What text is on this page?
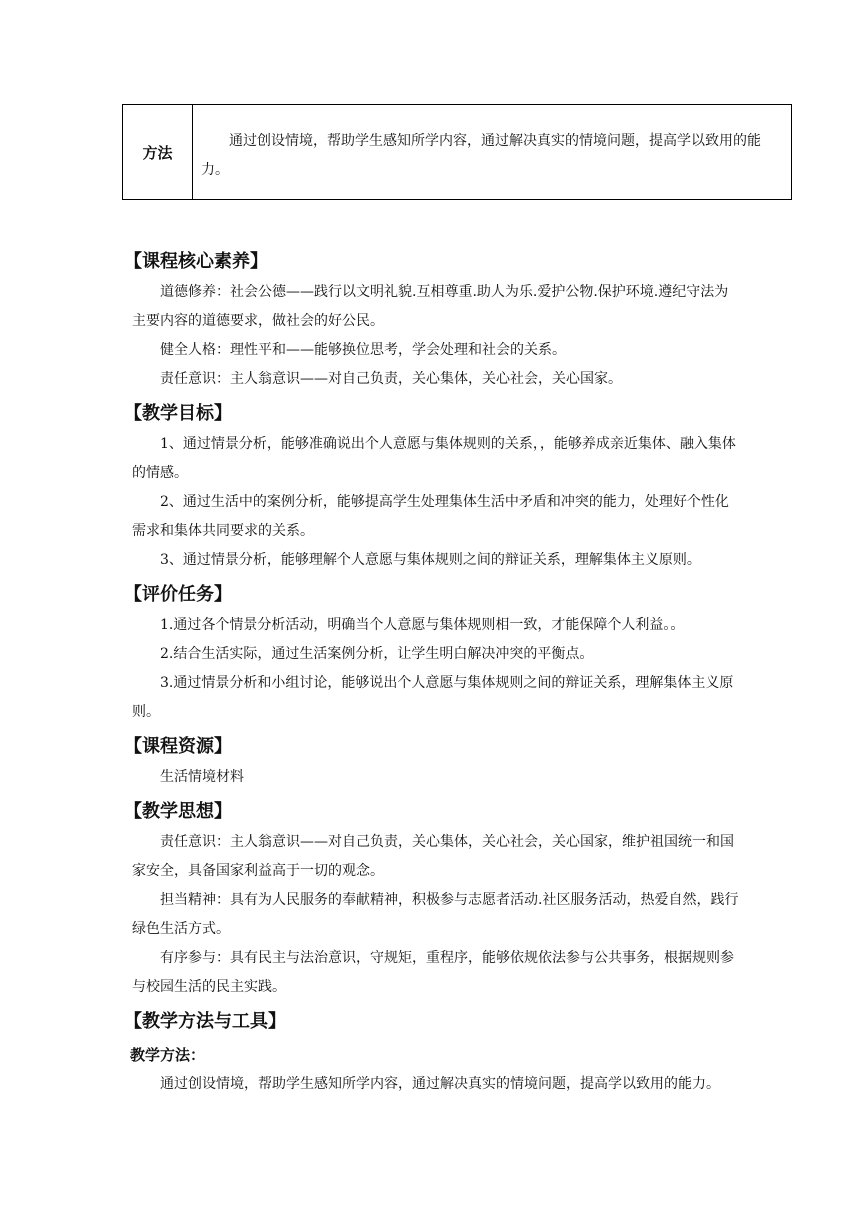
方法
通过创设情境，帮助学生感知所学内容，通过解决真实的情境问题，提高学以致用的能力。
【课程核心素养】

道德修养：社会公德——践行以文明礼貌.互相尊重.助人为乐.爱护公物.保护环境.遵纪守法为主要内容的道德要求，做社会的好公民。

健全人格：理性平和——能够换位思考，学会处理和社会的关系。

责任意识：主人翁意识——对自己负责，关心集体，关心社会，关心国家。

【教学目标】

1、通过情景分析，能够准确说出个人意愿与集体规则的关系，，能够养成亲近集体、融入集体的情感。

2、通过生活中的案例分析，能够提高学生处理集体生活中矛盾和冲突的能力，处理好个性化需求和集体共同要求的关系。

3、通过情景分析，能够理解个人意愿与集体规则之间的辩证关系，理解集体主义原则。

【评价任务】

1.通过各个情景分析活动，明确当个人意愿与集体规则相一致，才能保障个人利益。。

2.结合生活实际，通过生活案例分析，让学生明白解决冲突的平衡点。

3.通过情景分析和小组讨论，能够说出个人意愿与集体规则之间的辩证关系，理解集体主义原则。

【课程资源】

生活情境材料

【教学思想】

责任意识：主人翁意识——对自己负责，关心集体，关心社会，关心国家，维护祖国统一和国家安全，具备国家利益高于一切的观念。

担当精神：具有为人民服务的奉献精神，积极参与志愿者活动.社区服务活动，热爱自然，践行绿色生活方式。

有序参与：具有民主与法治意识，守规矩，重程序，能够依规依法参与公共事务，根据规则参与校园生活的民主实践。

【教学方法与工具】
教学方法：

通过创设情境，帮助学生感知所学内容，通过解决真实的情境问题，提高学以致用的能力。
